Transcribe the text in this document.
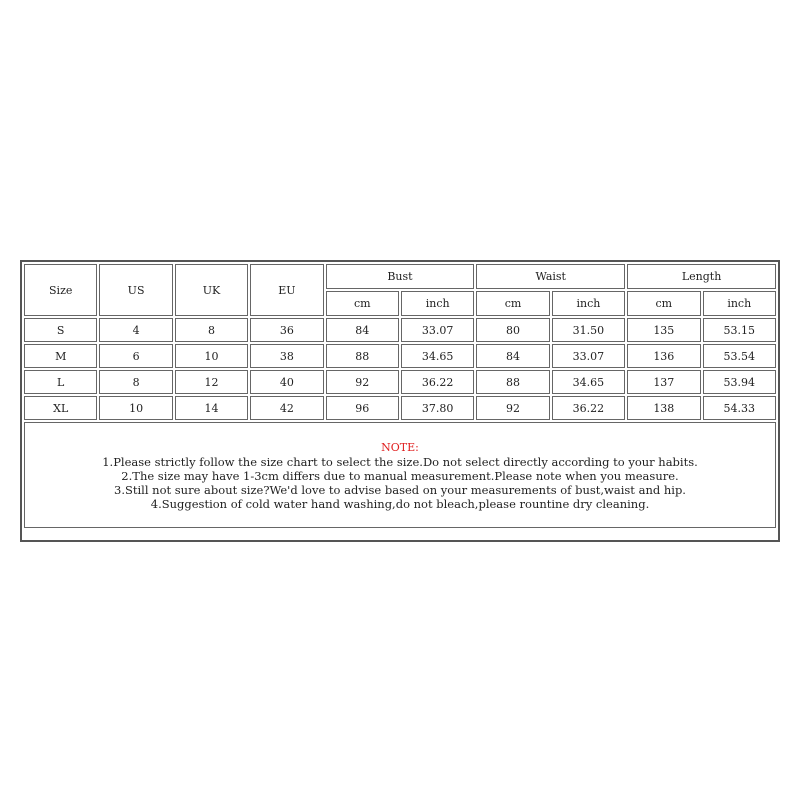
Size	US	UK	EU	Bust		Waist		Length	
				cm	inch	cm	inch	cm	inch
S	4	8	36	84	33.07	80	31.50	135	53.15
M	6	10	38	88	34.65	84	33.07	136	53.54
L	8	12	40	92	36.22	88	34.65	137	53.94
XL	10	14	42	96	37.80	92	36.22	138	54.33
NOTE:
1.Please strictly follow the size chart to select the size.Do not select directly according to your habits.
2.The size may have 1-3cm differs due to manual measurement.Please note when you measure.
3.Still not sure about size?We'd love to advise based on your measurements of bust,waist and hip.
4.Suggestion of cold water hand washing,do not bleach,please rountine dry cleaning.
